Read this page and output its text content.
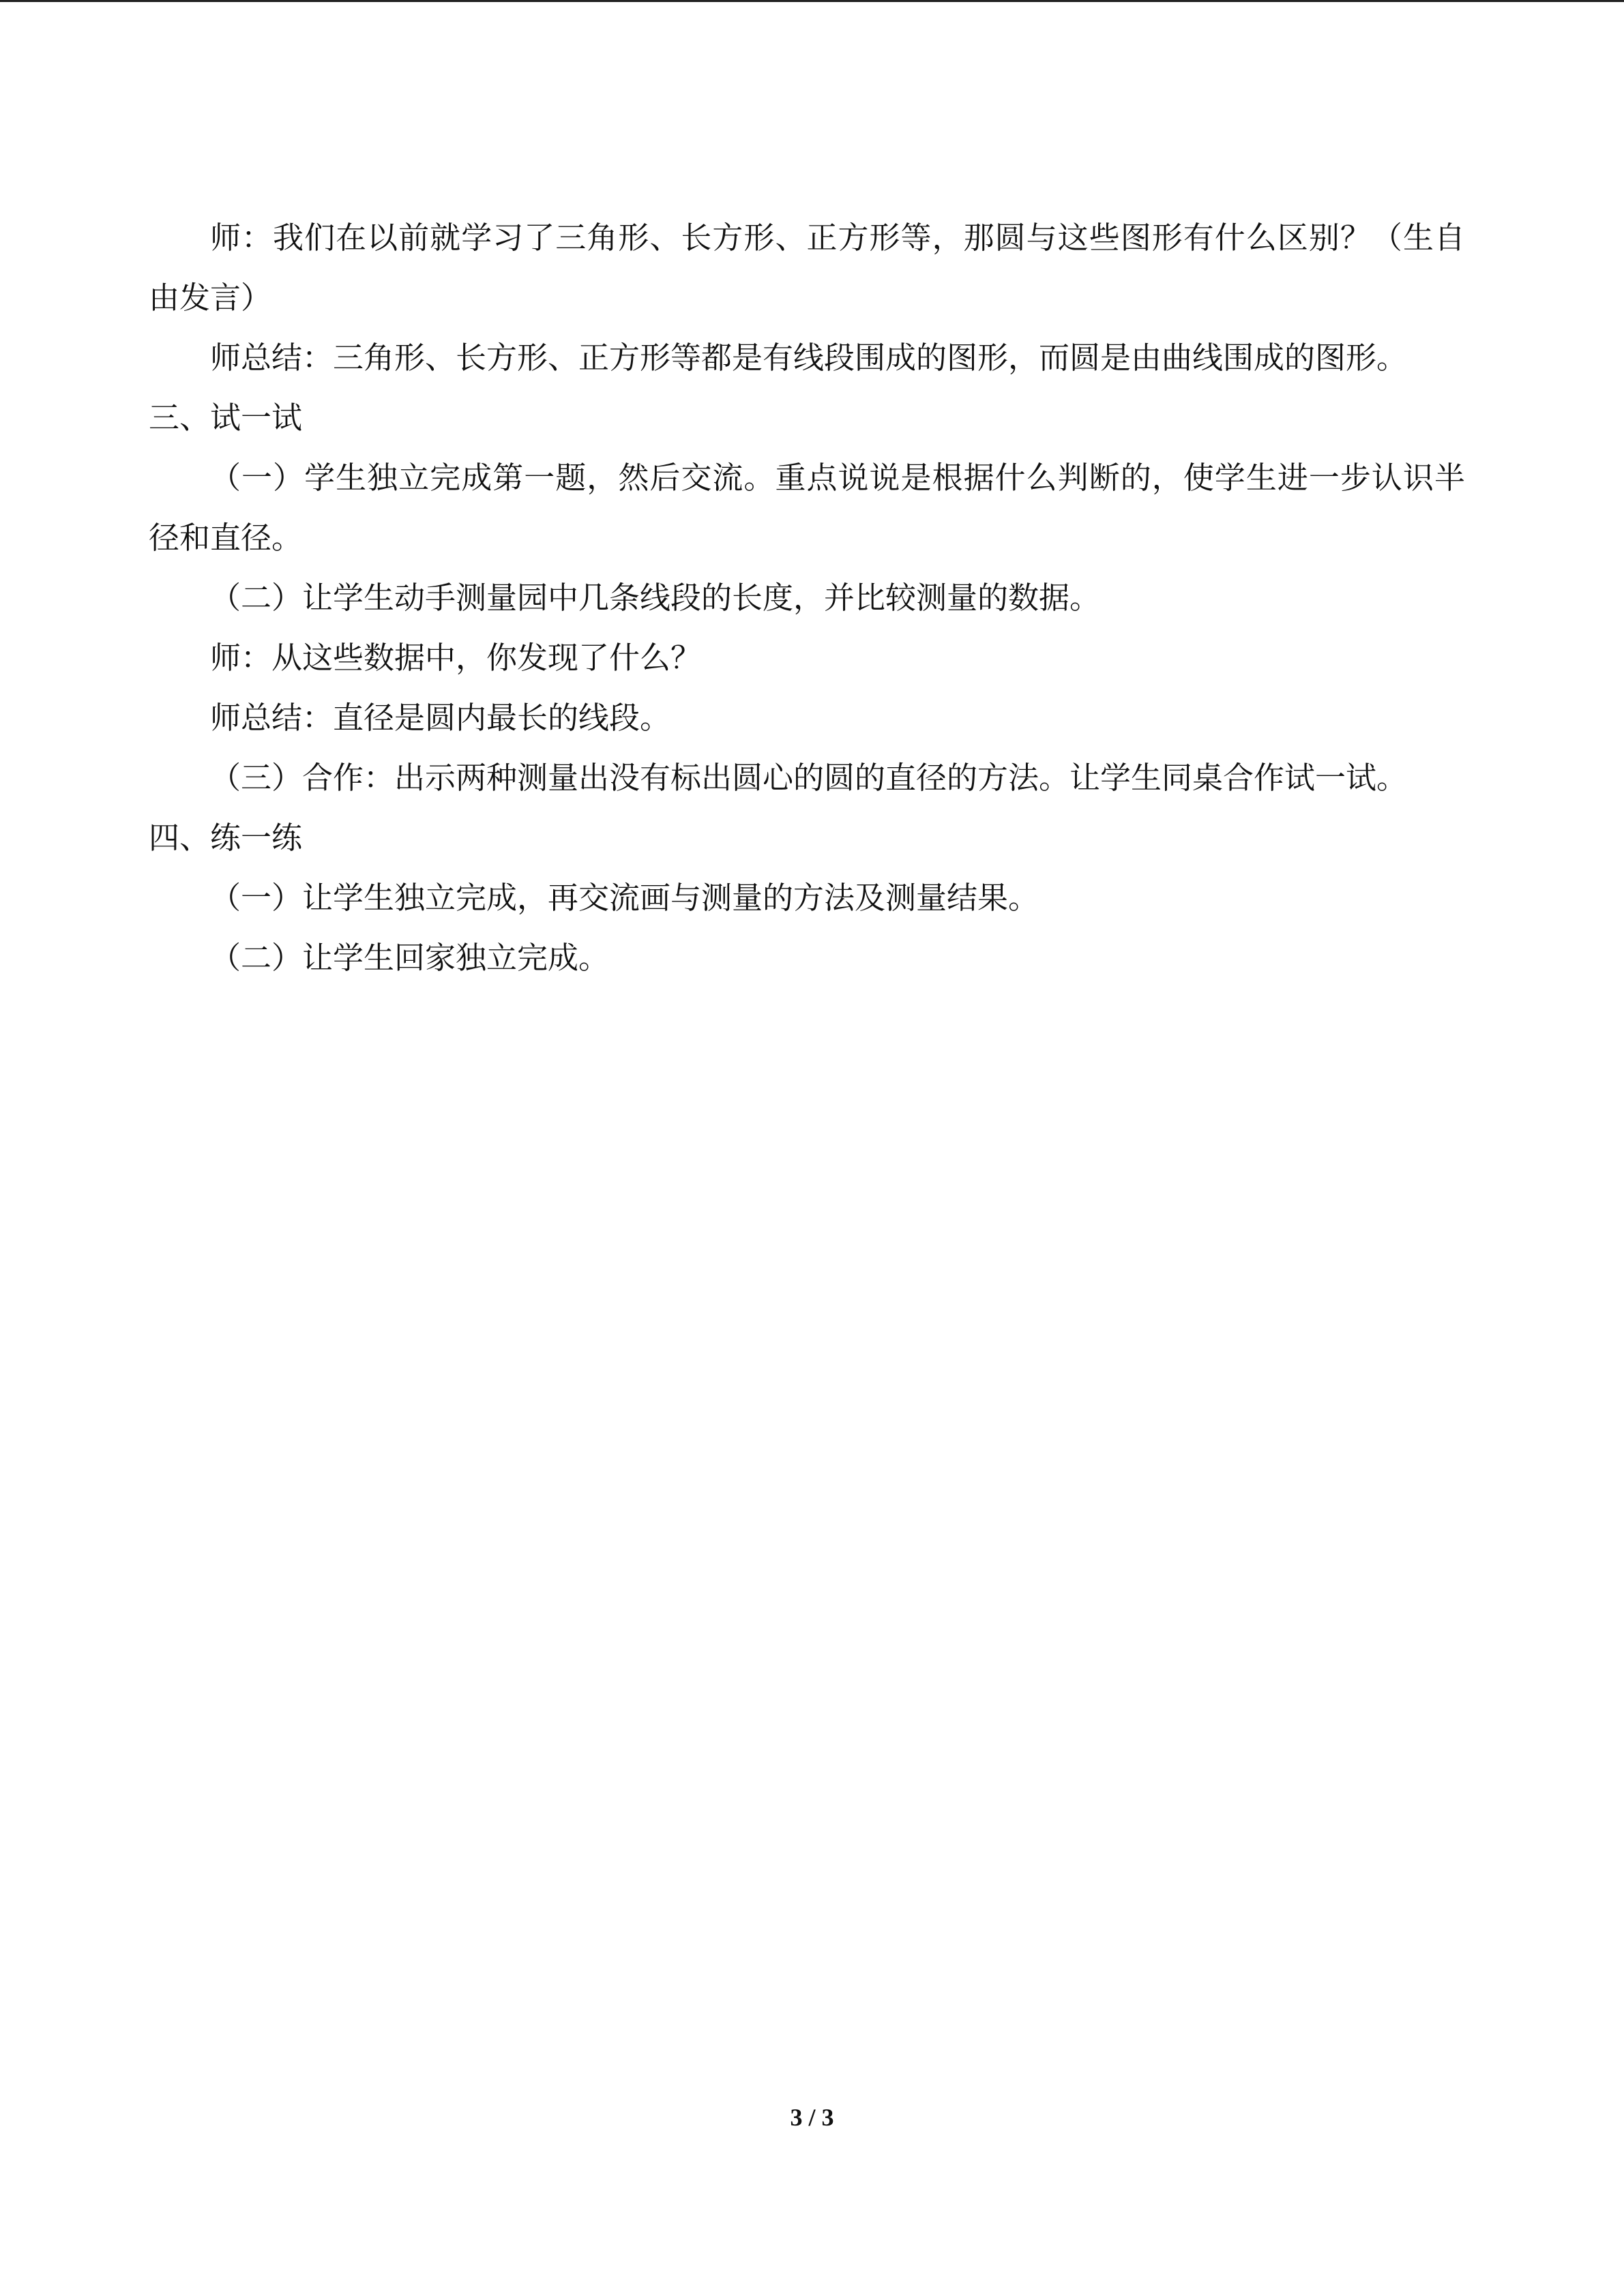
师：我们在以前就学习了三角形、长方形、正方形等，那圆与这些图形有什么区别？（生自由发言）

师总结：三角形、长方形、正方形等都是有线段围成的图形，而圆是由曲线围成的图形。

三、试一试

（一）学生独立完成第一题，然后交流。重点说说是根据什么判断的，使学生进一步认识半径和直径。

（二）让学生动手测量园中几条线段的长度，并比较测量的数据。

师：从这些数据中，你发现了什么？

师总结：直径是圆内最长的线段。

（三）合作：出示两种测量出没有标出圆心的圆的直径的方法。让学生同桌合作试一试。

四、练一练

（一）让学生独立完成，再交流画与测量的方法及测量结果。

（二）让学生回家独立完成。

3 / 3
